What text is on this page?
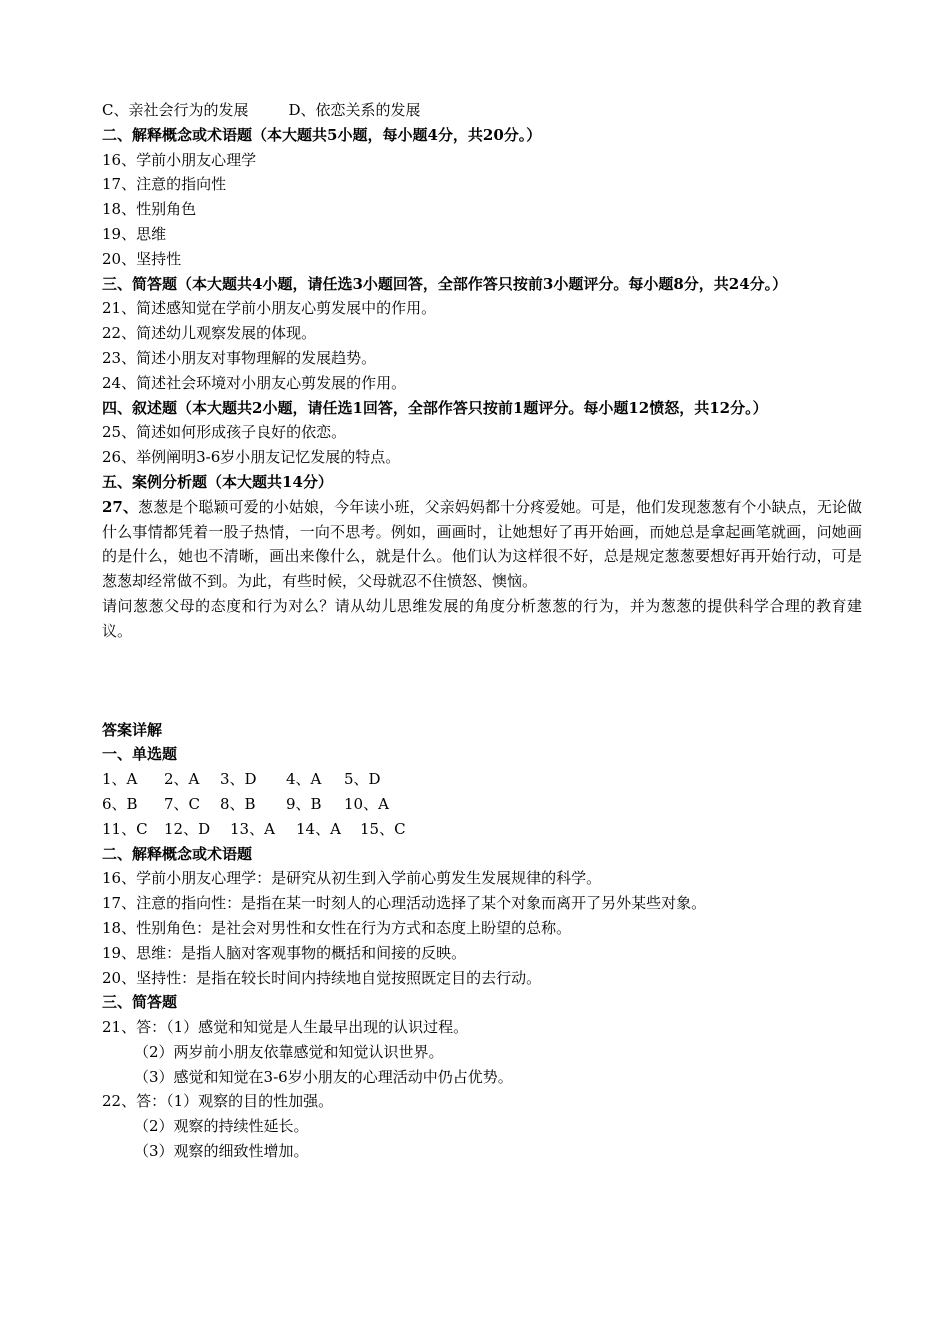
C、亲社会行为的发展	D、依恋关系的发展
二、解释概念或术语题（本大题共5小题，每小题4分，共20分。）
16、学前小朋友心理学
17、注意的指向性
18、性别角色
19、思维
20、坚持性
三、简答题（本大题共4小题，请任选3小题回答，全部作答只按前3小题评分。每小题8分，共24分。）
21、简述感知觉在学前小朋友心剪发展中的作用。
22、简述幼儿观察发展的体现。
23、简述小朋友对事物理解的发展趋势。
24、简述社会环境对小朋友心剪发展的作用。
四、叙述题（本大题共2小题，请任选1回答，全部作答只按前1题评分。每小题12愤怒，共12分。）
25、简述如何形成孩子良好的依恋。
26、举例阐明3-6岁小朋友记忆发展的特点。
五、案例分析题（本大题共14分）
27、葱葱是个聪颖可爱的小姑娘，今年读小班，父亲妈妈都十分疼爱她。可是，他们发现葱葱有个小缺点，无论做什么事情都凭着一股子热情，一向不思考。例如，画画时，让她想好了再开始画，而她总是拿起画笔就画，问她画的是什么，她也不清晰，画出来像什么，就是什么。他们认为这样很不好，总是规定葱葱要想好再开始行动，可是葱葱却经常做不到。为此，有些时候，父母就忍不住愤怒、懊恼。
请问葱葱父母的态度和行为对么？请从幼儿思维发展的角度分析葱葱的行为，并为葱葱的提供科学合理的教育建议。
答案详解
一、单选题
1、A 2、A 3、D 4、A 5、D
6、B 7、C 8、B 9、B 10、A
11、C 12、D 13、A 14、A 15、C
二、解释概念或术语题
16、学前小朋友心理学：是研究从初生到入学前心剪发生发展规律的科学。
17、注意的指向性：是指在某一时刻人的心理活动选择了某个对象而离开了另外某些对象。
18、性别角色：是社会对男性和女性在行为方式和态度上盼望的总称。
19、思维：是指人脑对客观事物的概括和间接的反映。
20、坚持性：是指在较长时间内持续地自觉按照既定目的去行动。
三、简答题
21、答：（1）感觉和知觉是人生最早出现的认识过程。
（2）两岁前小朋友依靠感觉和知觉认识世界。
（3）感觉和知觉在3-6岁小朋友的心理活动中仍占优势。
22、答：（1）观察的目的性加强。
（2）观察的持续性延长。
（3）观察的细致性增加。
